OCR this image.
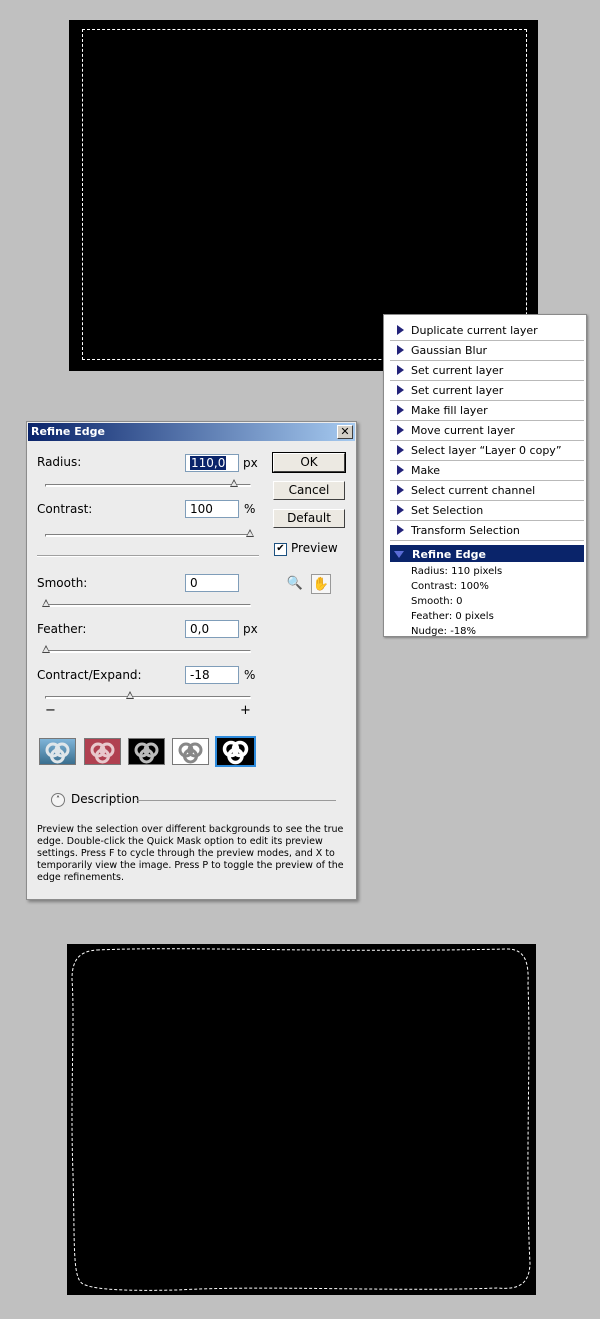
Duplicate current layer
Gaussian Blur
Set current layer
Set current layer
Make fill layer
Move current layer
Select layer “Layer 0 copy”
Make
Select current channel
Set Selection
Transform Selection
Refine Edge
Radius: 110 pixels
Contrast: 100%
Smooth: 0
Feather: 0 pixels
Nudge: -18%
Refine Edge	✕
Radius:	110,0	px
Contrast:	100	%
Smooth:	0
Feather:	0,0	px
Contract/Expand:	-18	%
−	+
OK
Cancel
Default
✔ Preview
🔍 ✋
˄ Description
Preview the selection over different backgrounds to see the true edge. Double-click the Quick Mask option to edit its preview settings. Press F to cycle through the preview modes, and X to temporarily view the image. Press P to toggle the preview of the edge refinements.
